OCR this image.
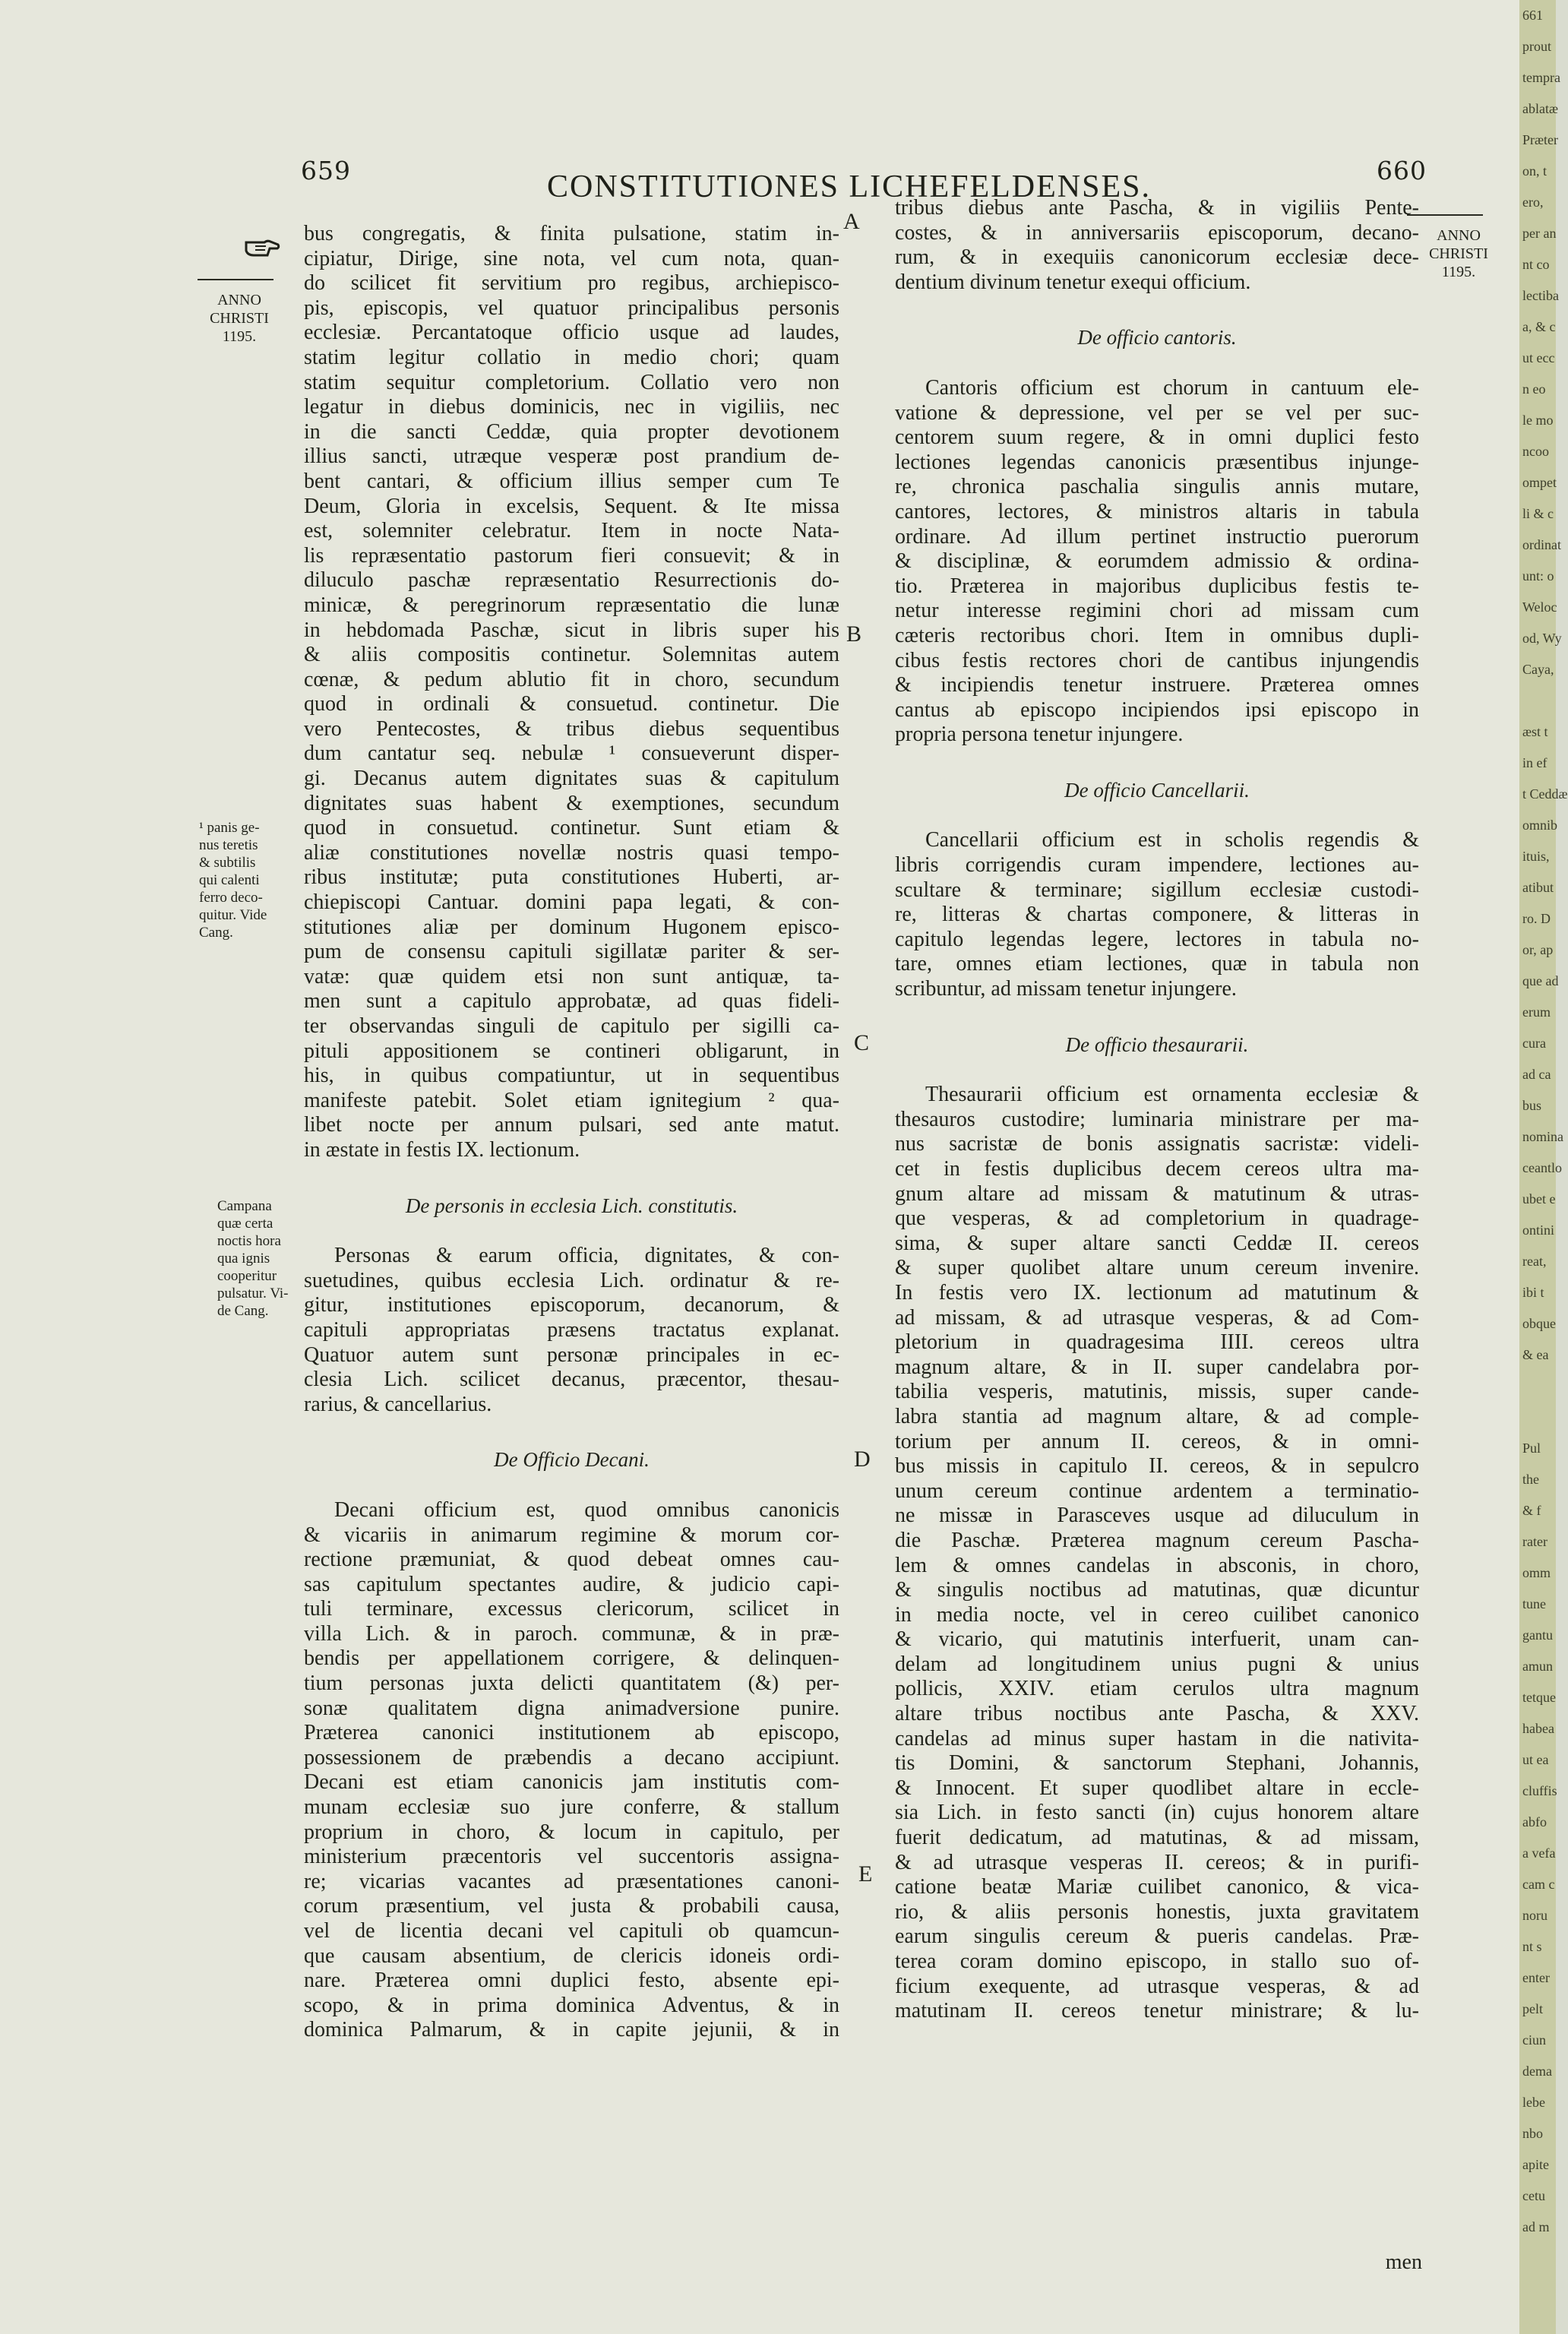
659	CONSTITUTIONES LICHEFELDENSES.	660
ANNO
CHRISTI
1195.
ANNO
CHRISTI
1195.
¹ panis ge-
nus teretis
& subtilis
qui calenti
ferro deco-
quitur. Vide
Cang.
Campana
quæ certa
noctis hora
qua ignis
cooperitur
pulsatur. Vi-
de Cang.
A
B
C
D
E
bus congregatis, & finita pulsatione, statim in-
cipiatur, Dirige, sine nota, vel cum nota, quan-
do scilicet fit servitium pro regibus, archiepisco-
pis, episcopis, vel quatuor principalibus personis
ecclesiæ. Percantatoque officio usque ad laudes,
statim legitur collatio in medio chori; quam
statim sequitur completorium. Collatio vero non
legatur in diebus dominicis, nec in vigiliis, nec
in die sancti Ceddæ, quia propter devotionem
illius sancti, utræque vesperæ post prandium de-
bent cantari, & officium illius semper cum Te
Deum, Gloria in excelsis, Sequent. & Ite missa
est, solemniter celebratur. Item in nocte Nata-
lis repræsentatio pastorum fieri consuevit; & in
diluculo paschæ repræsentatio Resurrectionis do-
minicæ, & peregrinorum repræsentatio die lunæ
in hebdomada Paschæ, sicut in libris super his
& aliis compositis continetur. Solemnitas autem
cœnæ, & pedum ablutio fit in choro, secundum
quod in ordinali & consuetud. continetur. Die
vero Pentecostes, & tribus diebus sequentibus
dum cantatur seq. nebulæ ¹ consueverunt disper-
gi. Decanus autem dignitates suas & capitulum
dignitates suas habent & exemptiones, secundum
quod in consuetud. continetur. Sunt etiam &
aliæ constitutiones novellæ nostris quasi tempo-
ribus institutæ; puta constitutiones Huberti, ar-
chiepiscopi Cantuar. domini papa legati, & con-
stitutiones aliæ per dominum Hugonem episco-
pum de consensu capituli sigillatæ pariter & ser-
vatæ: quæ quidem etsi non sunt antiquæ, ta-
men sunt a capitulo approbatæ, ad quas fideli-
ter observandas singuli de capitulo per sigilli ca-
pituli appositionem se contineri obligarunt, in
his, in quibus compatiuntur, ut in sequentibus
manifeste patebit. Solet etiam ignitegium ² qua-
libet nocte per annum pulsari, sed ante matut.
in æstate in festis IX. lectionum.
De personis in ecclesia Lich. constitutis.
Personas & earum officia, dignitates, & con-
suetudines, quibus ecclesia Lich. ordinatur & re-
gitur, institutiones episcoporum, decanorum, &
capituli appropriatas præsens tractatus explanat.
Quatuor autem sunt personæ principales in ec-
clesia Lich. scilicet decanus, præcentor, thesau-
rarius, & cancellarius.
De Officio Decani.
Decani officium est, quod omnibus canonicis
& vicariis in animarum regimine & morum cor-
rectione præmuniat, & quod debeat omnes cau-
sas capitulum spectantes audire, & judicio capi-
tuli terminare, excessus clericorum, scilicet in
villa Lich. & in paroch. communæ, & in præ-
bendis per appellationem corrigere, & delinquen-
tium personas juxta delicti quantitatem (&) per-
sonæ qualitatem digna animadversione punire.
Præterea canonici institutionem ab episcopo,
possessionem de præbendis a decano accipiunt.
Decani est etiam canonicis jam institutis com-
munam ecclesiæ suo jure conferre, & stallum
proprium in choro, & locum in capitulo, per
ministerium præcentoris vel succentoris assigna-
re; vicarias vacantes ad præsentationes canoni-
corum præsentium, vel justa & probabili causa,
vel de licentia decani vel capituli ob quamcun-
que causam absentium, de clericis idoneis ordi-
nare. Præterea omni duplici festo, absente epi-
scopo, & in prima dominica Adventus, & in
dominica Palmarum, & in capite jejunii, & in
tribus diebus ante Pascha, & in vigiliis Pente-
costes, & in anniversariis episcoporum, decano-
rum, & in exequiis canonicorum ecclesiæ dece-
dentium divinum tenetur exequi officium.
De officio cantoris.
Cantoris officium est chorum in cantuum ele-
vatione & depressione, vel per se vel per suc-
centorem suum regere, & in omni duplici festo
lectiones legendas canonicis præsentibus injunge-
re, chronica paschalia singulis annis mutare,
cantores, lectores, & ministros altaris in tabula
ordinare. Ad illum pertinet instructio puerorum
& disciplinæ, & eorumdem admissio & ordina-
tio. Præterea in majoribus duplicibus festis te-
netur interesse regimini chori ad missam cum
cæteris rectoribus chori. Item in omnibus dupli-
cibus festis rectores chori de cantibus injungendis
& incipiendis tenetur instruere. Præterea omnes
cantus ab episcopo incipiendos ipsi episcopo in
propria persona tenetur injungere.
De officio Cancellarii.
Cancellarii officium est in scholis regendis &
libris corrigendis curam impendere, lectiones au-
scultare & terminare; sigillum ecclesiæ custodi-
re, litteras & chartas componere, & litteras in
capitulo legendas legere, lectores in tabula no-
tare, omnes etiam lectiones, quæ in tabula non
scribuntur, ad missam tenetur injungere.
De officio thesaurarii.
Thesaurarii officium est ornamenta ecclesiæ &
thesauros custodire; luminaria ministrare per ma-
nus sacristæ de bonis assignatis sacristæ: videli-
cet in festis duplicibus decem cereos ultra ma-
gnum altare ad missam & matutinum & utras-
que vesperas, & ad completorium in quadrage-
sima, & super altare sancti Ceddæ II. cereos
& super quolibet altare unum cereum invenire.
In festis vero IX. lectionum ad matutinum &
ad missam, & ad utrasque vesperas, & ad Com-
pletorium in quadragesima IIII. cereos ultra
magnum altare, & in II. super candelabra por-
tabilia vesperis, matutinis, missis, super cande-
labra stantia ad magnum altare, & ad comple-
torium per annum II. cereos, & in omni-
bus missis in capitulo II. cereos, & in sepulcro
unum cereum continue ardentem a terminatio-
ne missæ in Parasceves usque ad diluculum in
die Paschæ. Præterea magnum cereum Pascha-
lem & omnes candelas in absconis, in choro,
& singulis noctibus ad matutinas, quæ dicuntur
in media nocte, vel in cereo cuilibet canonico
& vicario, qui matutinis interfuerit, unam can-
delam ad longitudinem unius pugni & unius
pollicis, XXIV. etiam cerulos ultra magnum
altare tribus noctibus ante Pascha, & XXV.
candelas ad minus super hastam in die nativita-
tis Domini, & sanctorum Stephani, Johannis,
& Innocent. Et super quodlibet altare in eccle-
sia Lich. in festo sancti (in) cujus honorem altare
fuerit dedicatum, ad matutinas, & ad missam,
& ad utrasque vesperas II. cereos; & in purifi-
catione beatæ Mariæ cuilibet canonico, & vica-
rio, & aliis personis honestis, juxta gravitatem
earum singulis cereum & pueris candelas. Præ-
terea coram domino episcopo, in stallo suo of-
ficium exequente, ad utrasque vesperas, & ad
matutinam II. cereos tenetur ministrare; & lu-
men
661
prout
tempra
ablatæ
Præter
on, t
ero,
per an
nt co
lectiba
a, & c
ut ecc
n eo
le mo
ncoo
ompet
li & c
ordinat
unt: o
Weloc
od, Wy
Caya,

æst t
in ef
t Ceddæ
omnib
ituis,
atibut
ro. D
or, ap
que ad
erum
cura
ad ca
bus
nomina
ceantlo
ubet e
ontini
reat,
ibi t
obque
& ea

Pul
the
& f
rater
omm
tune
gantu
amun
tetque
habea
ut ea
cluffis
abfo
a vefa
cam c
noru
nt s
enter
pelt
ciun
dema
lebe
nbo
apite
cetu
ad m
